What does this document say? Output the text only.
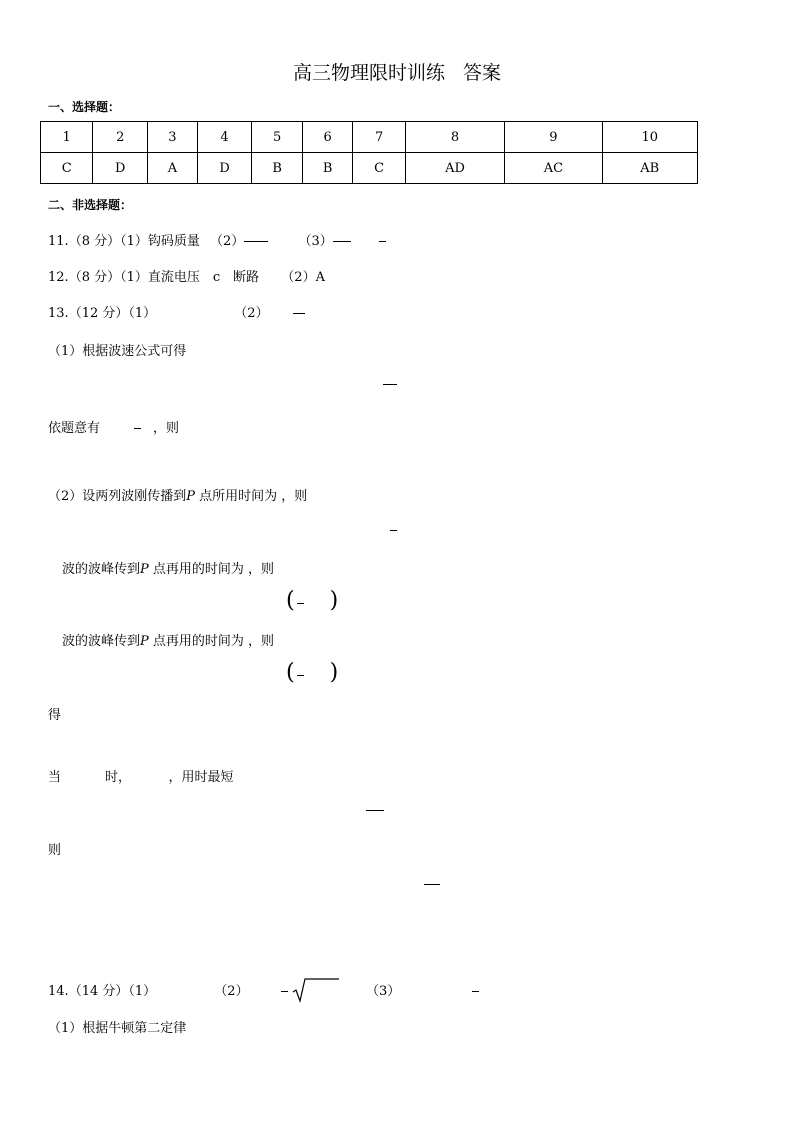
高三物理限时训练 答案
一、选择题：
1	2	3	4	5	6	7	8	9	10
C	D	A	D	B	B	C	AD	AC	AB
二、非选择题：
11.（8 分）（1）钩码质量 （2）	（3）
12.（8 分）（1）直流电压　c　断路 （2）A
13.（12 分）（1）	（2）
（1）根据波速公式可得
依题意有	，则
（2）设两列波刚传播到P 点所用时间为 ，则
波的波峰传到P 点再用的时间为 ，则
( )
波的波峰传到P 点再用的时间为 ，则
( )
得
当	时，	，用时最短
则
14.（14 分）（1）	（2）	（3）
（1）根据牛顿第二定律
